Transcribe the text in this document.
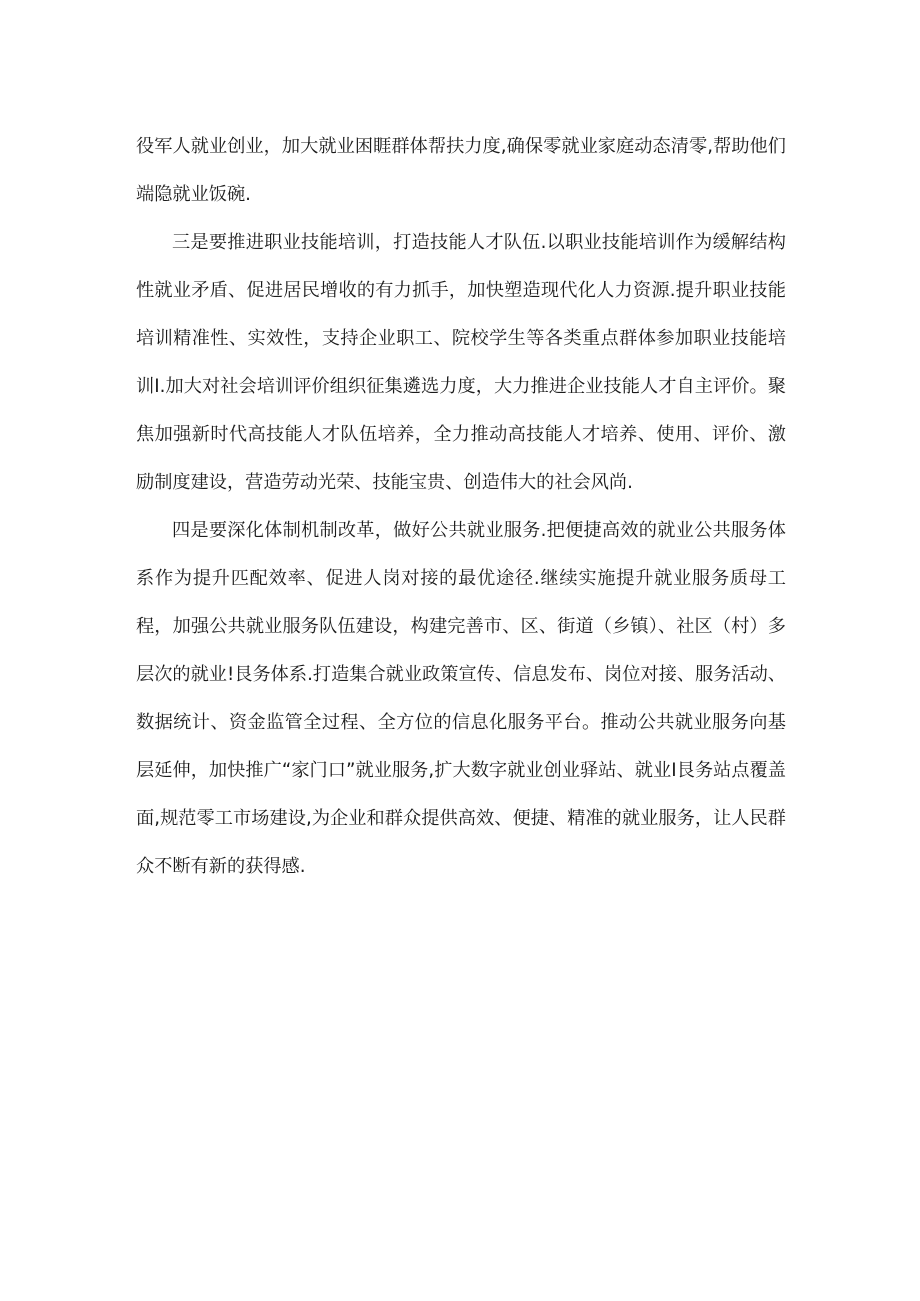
役军人就业创业，加大就业困睚群体帮扶力度,确保零就业家庭动态清零,帮助他们端隐就业饭碗.

三是要推进职业技能培训，打造技能人才队伍.以职业技能培训作为缓解结构性就业矛盾、促进居民增收的有力抓手，加快塑造现代化人力资源.提升职业技能培训精准性、实效性，支持企业职工、院校学生等各类重点群体参加职业技能培训I.加大对社会培训评价组织征集遴选力度，大力推进企业技能人才自主评价。聚焦加强新时代高技能人才队伍培养，全力推动高技能人才培养、使用、评价、激励制度建设，营造劳动光荣、技能宝贵、创造伟大的社会风尚.

四是要深化体制机制改革，做好公共就业服务.把便捷高效的就业公共服务体系作为提升匹配效率、促进人岗对接的最优途径.继续实施提升就业服务质母工程，加强公共就业服务队伍建设，构建完善市、区、街道（乡镇）、社区（村）多层次的就业!艮务体系.打造集合就业政策宣传、信息发布、岗位对接、服务活动、数据统计、资金监管全过程、全方位的信息化服务平台。推动公共就业服务向基层延伸，加快推广“家门口”就业服务,扩大数字就业创业驿站、就业I艮务站点覆盖面,规范零工市场建设,为企业和群众提供高效、便捷、精准的就业服务，让人民群众不断有新的获得感.
